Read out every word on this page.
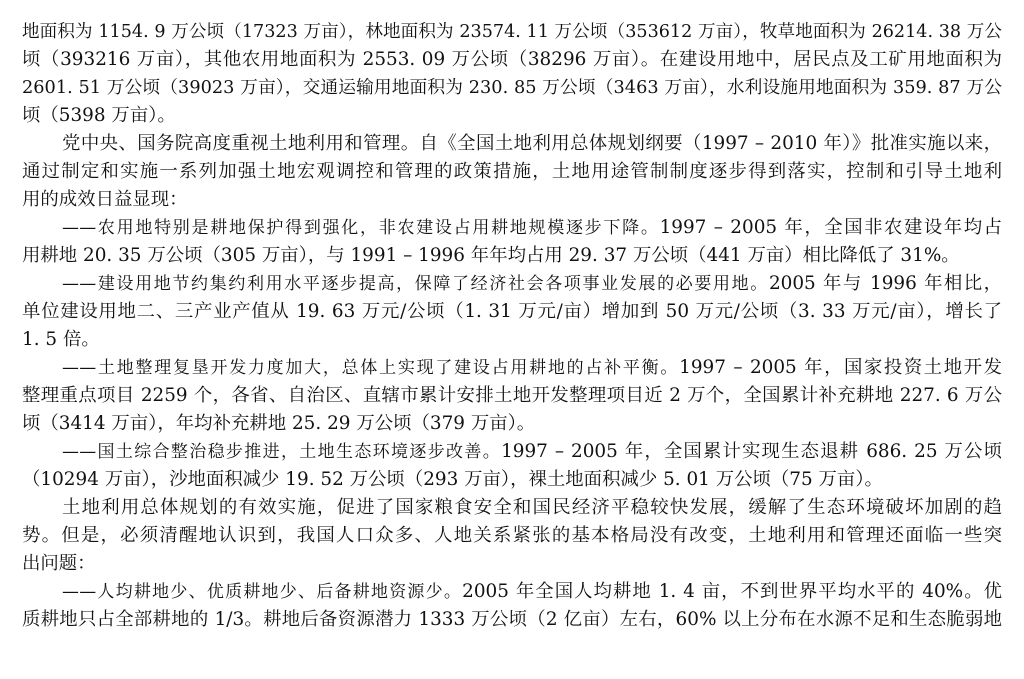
地面积为 1154. 9 万公顷（17323 万亩），林地面积为 23574. 11 万公顷（353612 万亩），牧草地面积为 26214. 38 万公
顷（393216 万亩），其他农用地面积为 2553. 09 万公顷（38296 万亩）。在建设用地中，居民点及工矿用地面积为
2601. 51 万公顷（39023 万亩），交通运输用地面积为 230. 85 万公顷（3463 万亩），水利设施用地面积为 359. 87 万公
顷（5398 万亩）。
党中央、国务院高度重视土地利用和管理。自《全国土地利用总体规划纲要（1997 – 2010 年）》批准实施以来，
通过制定和实施一系列加强土地宏观调控和管理的政策措施，土地用途管制制度逐步得到落实，控制和引导土地利
用的成效日益显现：
——农用地特别是耕地保护得到强化，非农建设占用耕地规模逐步下降。1997 – 2005 年，全国非农建设年均占
用耕地 20. 35 万公顷（305 万亩），与 1991 – 1996 年年均占用 29. 37 万公顷（441 万亩）相比降低了 31%。
——建设用地节约集约利用水平逐步提高，保障了经济社会各项事业发展的必要用地。2005 年与 1996 年相比，
单位建设用地二、三产业产值从 19. 63 万元/公顷（1. 31 万元/亩）增加到 50 万元/公顷（3. 33 万元/亩），增长了
1. 5 倍。
——土地整理复垦开发力度加大，总体上实现了建设占用耕地的占补平衡。1997 – 2005 年，国家投资土地开发
整理重点项目 2259 个，各省、自治区、直辖市累计安排土地开发整理项目近 2 万个，全国累计补充耕地 227. 6 万公
顷（3414 万亩），年均补充耕地 25. 29 万公顷（379 万亩）。
——国土综合整治稳步推进，土地生态环境逐步改善。1997 – 2005 年，全国累计实现生态退耕 686. 25 万公顷
（10294 万亩），沙地面积减少 19. 52 万公顷（293 万亩），裸土地面积减少 5. 01 万公顷（75 万亩）。
土地利用总体规划的有效实施，促进了国家粮食安全和国民经济平稳较快发展，缓解了生态环境破坏加剧的趋
势。但是，必须清醒地认识到，我国人口众多、人地关系紧张的基本格局没有改变，土地利用和管理还面临一些突
出问题：
——人均耕地少、优质耕地少、后备耕地资源少。2005 年全国人均耕地 1. 4 亩，不到世界平均水平的 40%。优
质耕地只占全部耕地的 1/3。耕地后备资源潜力 1333 万公顷（2 亿亩）左右，60% 以上分布在水源不足和生态脆弱地
